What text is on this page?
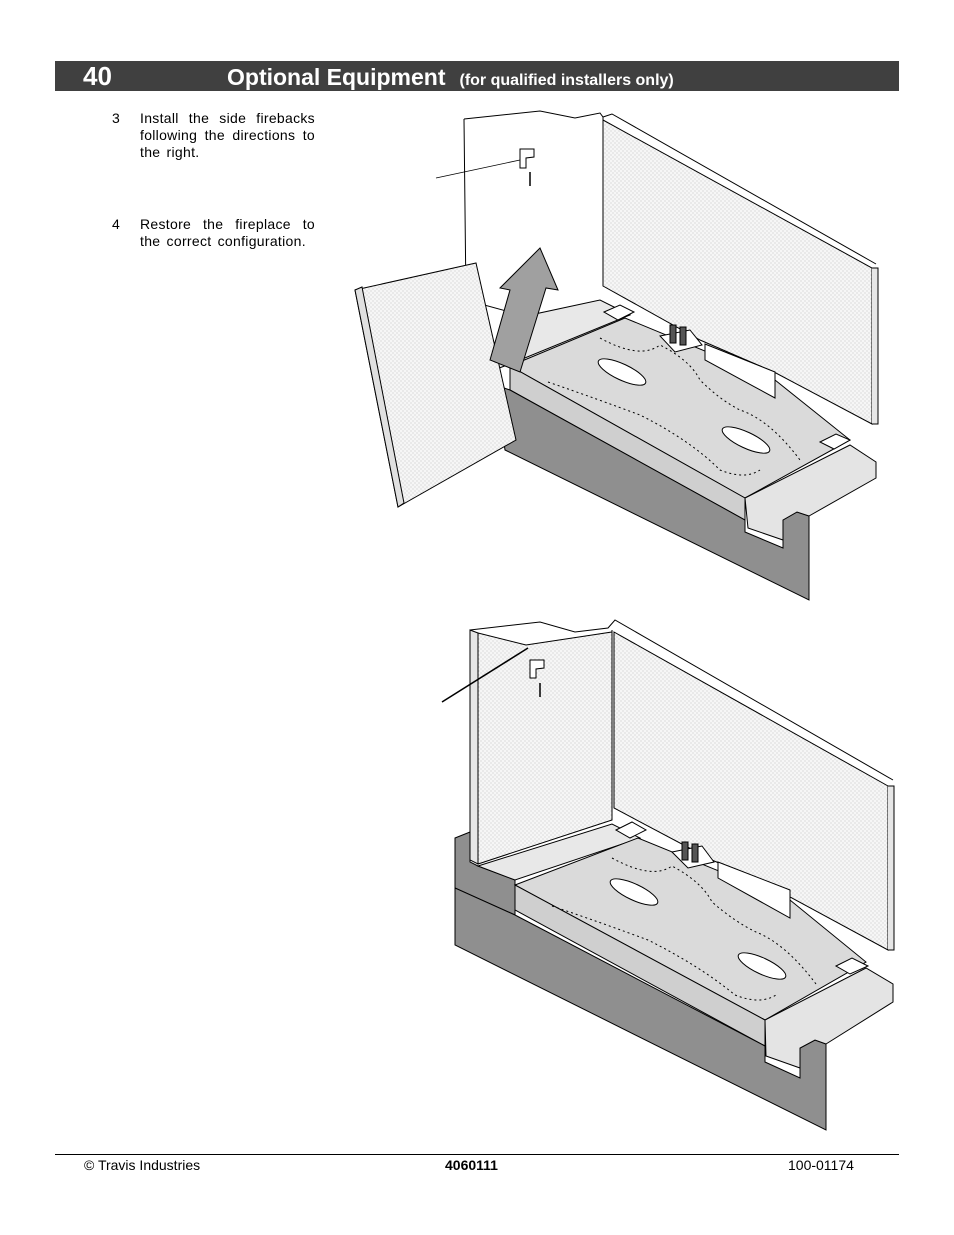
40	Optional Equipment (for qualified installers only)
3 Install the side firebacks following the directions to the right.
4 Restore the fireplace to the correct configuration.
© Travis Industries	4060111	100-01174
